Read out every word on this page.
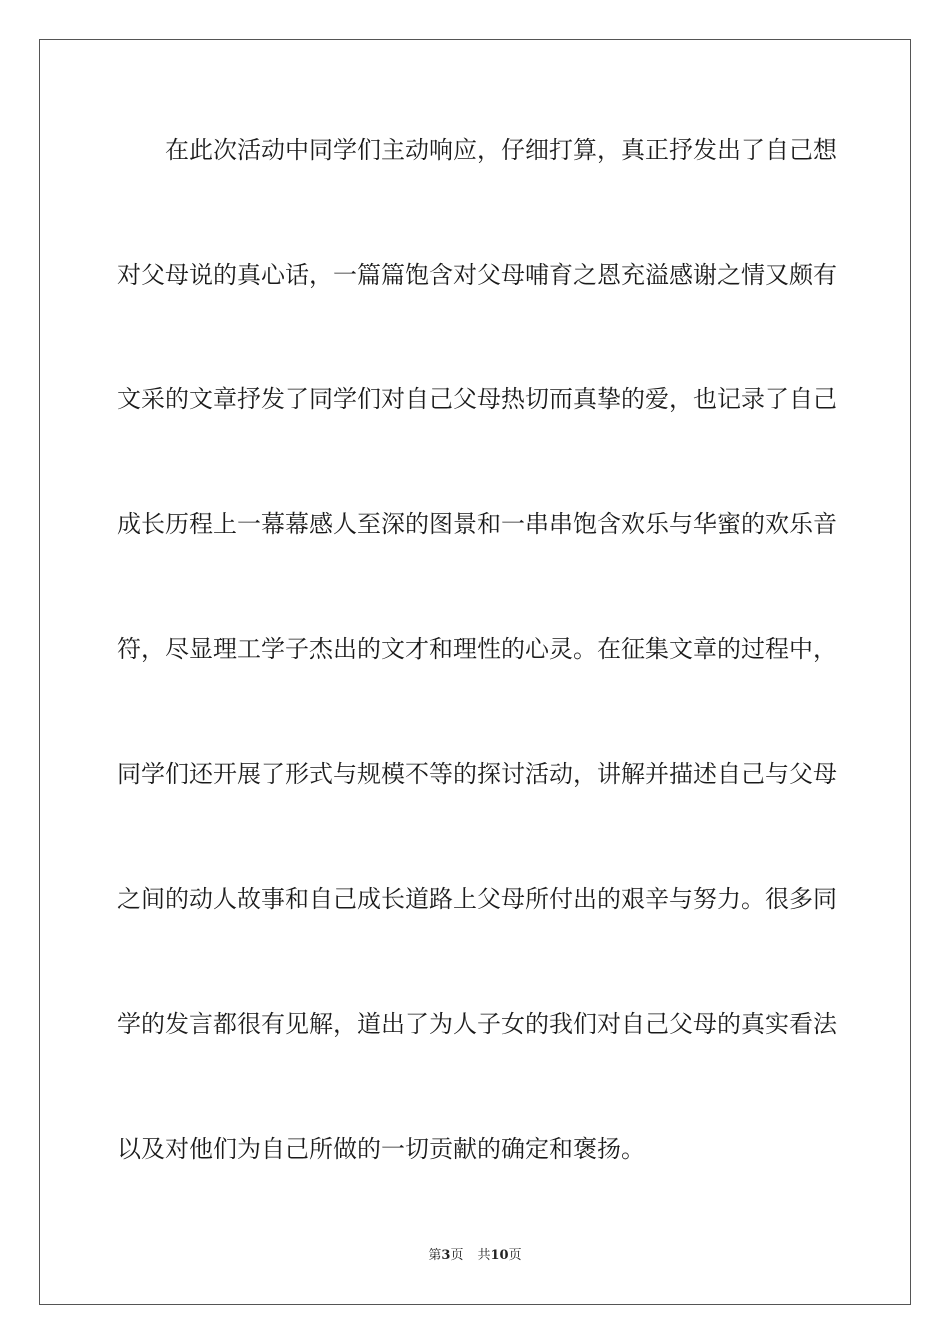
在此次活动中同学们主动响应，仔细打算，真正抒发出了自己想
对父母说的真心话，一篇篇饱含对父母哺育之恩充溢感谢之情又颇有
文采的文章抒发了同学们对自己父母热切而真挚的爱，也记录了自己
成长历程上一幕幕感人至深的图景和一串串饱含欢乐与华蜜的欢乐音
符，尽显理工学子杰出的文才和理性的心灵。在征集文章的过程中，
同学们还开展了形式与规模不等的探讨活动，讲解并描述自己与父母
之间的动人故事和自己成长道路上父母所付出的艰辛与努力。很多同
学的发言都很有见解，道出了为人子女的我们对自己父母的真实看法
以及对他们为自己所做的一切贡献的确定和褒扬。
第3页 共10页
